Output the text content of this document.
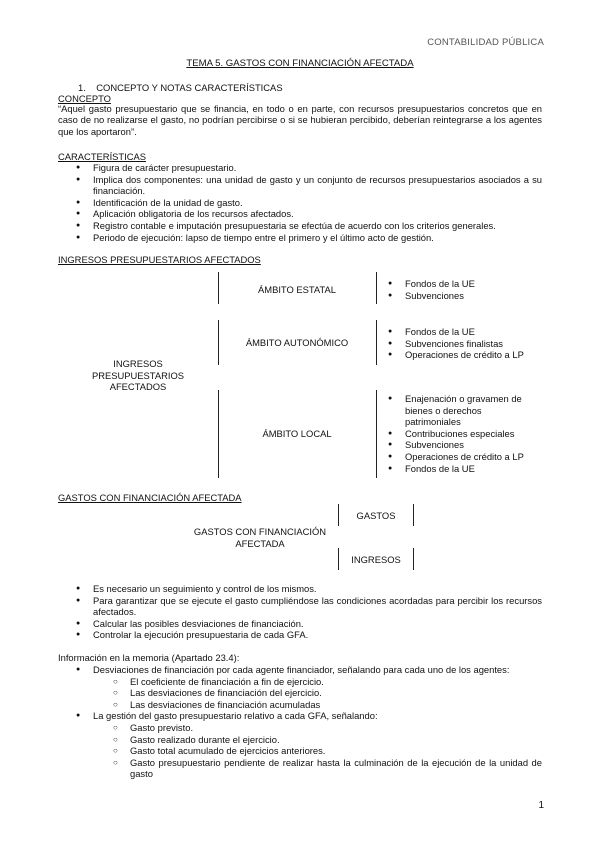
CONTABILIDAD PÚBLICA
TEMA 5. GASTOS CON FINANCIACIÓN AFECTADA
1. CONCEPTO Y NOTAS CARACTERÍSTICAS
CONCEPTO
“Aquel gasto presupuestario que se financia, en todo o en parte, con recursos presupuestarios concretos que en caso de no realizarse el gasto, no podrían percibirse o si se hubieran percibido, deberían reintegrarse a los agentes que los aportaron”.
CARACTERÍSTICAS
● Figura de carácter presupuestario.
● Implica dos componentes: una unidad de gasto y un conjunto de recursos presupuestarios asociados a su financiación.
● Identificación de la unidad de gasto.
● Aplicación obligatoria de los recursos afectados.
● Registro contable e imputación presupuestaria se efectúa de acuerdo con los criterios generales.
● Periodo de ejecución: lapso de tiempo entre el primero y el último acto de gestión.
INGRESOS PRESUPUESTARIOS AFECTADOS
INGRESOS PRESUPUESTARIOS AFECTADOS
ÁMBITO ESTATAL
ÁMBITO AUTONÓMICO
ÁMBITO LOCAL
● Fondos de la UE
● Subvenciones
● Fondos de la UE
● Subvenciones finalistas
● Operaciones de crédito a LP
● Enajenación o gravamen de bienes o derechos patrimoniales
● Contribuciones especiales
● Subvenciones
● Operaciones de crédito a LP
● Fondos de la UE
GASTOS CON FINANCIACIÓN AFECTADA
GASTOS CON FINANCIACIÓN AFECTADA
GASTOS
INGRESOS
● Es necesario un seguimiento y control de los mismos.
● Para garantizar que se ejecute el gasto cumpliéndose las condiciones acordadas para percibir los recursos afectados.
● Calcular las posibles desviaciones de financiación.
● Controlar la ejecución presupuestaria de cada GFA.
Información en la memoria (Apartado 23.4):
● Desviaciones de financiación por cada agente financiador, señalando para cada uno de los agentes:
○ El coeficiente de financiación a fin de ejercicio.
○ Las desviaciones de financiación del ejercicio.
○ Las desviaciones de financiación acumuladas
● La gestión del gasto presupuestario relativo a cada GFA, señalando:
○ Gasto previsto.
○ Gasto realizado durante el ejercicio.
○ Gasto total acumulado de ejercicios anteriores.
○ Gasto presupuestario pendiente de realizar hasta la culminación de la ejecución de la unidad de gasto
1
